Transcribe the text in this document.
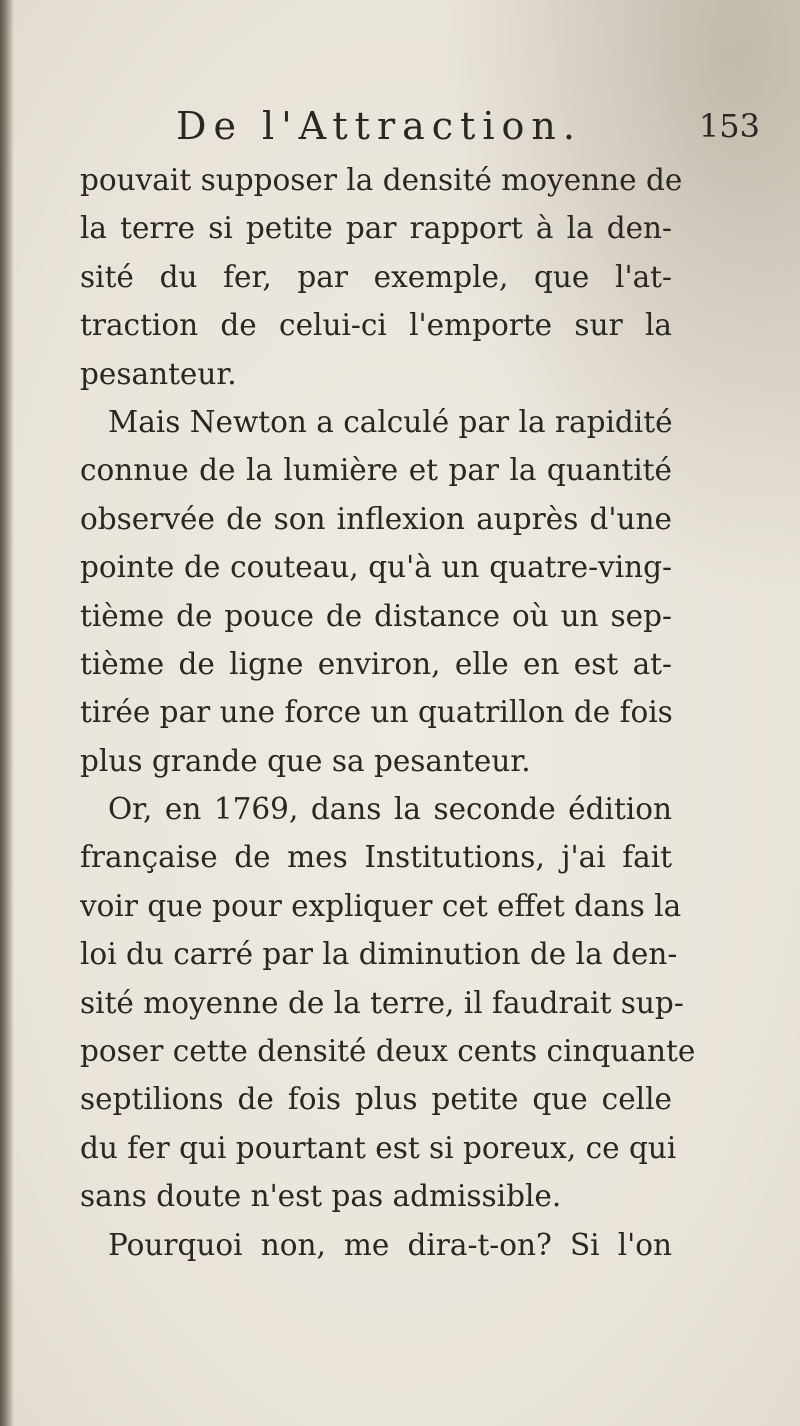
De l'Attraction.	153
pouvait supposer la densité moyenne de
la terre si petite par rapport à la den-
sité du fer, par exemple, que l'at-
traction de celui-ci l'emporte sur la
pesanteur.
Mais Newton a calculé par la rapidité
connue de la lumière et par la quantité
observée de son inflexion auprès d'une
pointe de couteau, qu'à un quatre-ving-
tième de pouce de distance où un sep-
tième de ligne environ, elle en est at-
tirée par une force un quatrillon de fois
plus grande que sa pesanteur.
Or, en 1769, dans la seconde édition
française de mes Institutions, j'ai fait
voir que pour expliquer cet effet dans la
loi du carré par la diminution de la den-
sité moyenne de la terre, il faudrait sup-
poser cette densité deux cents cinquante
septilions de fois plus petite que celle
du fer qui pourtant est si poreux, ce qui
sans doute n'est pas admissible.
Pourquoi non, me dira-t-on? Si l'on
